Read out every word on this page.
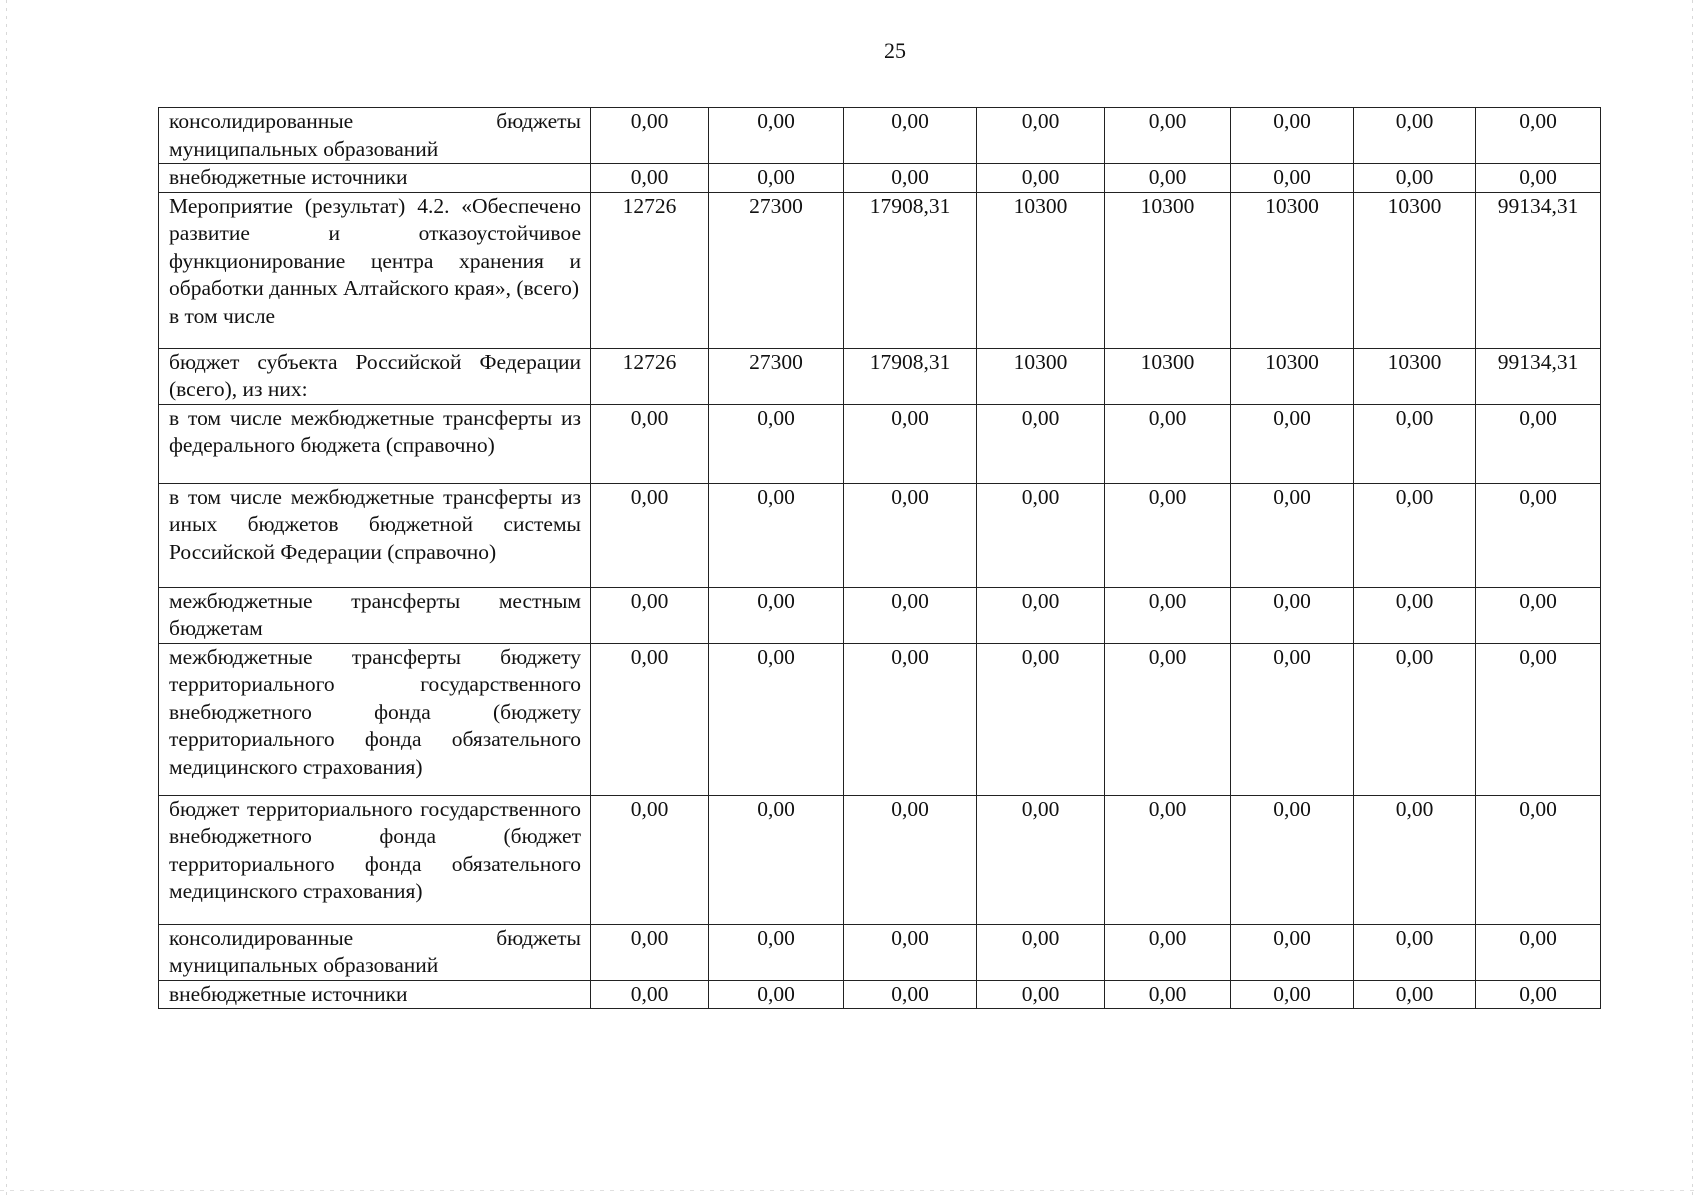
25
консолидированные бюджеты муниципальных образований	0,00	0,00	0,00	0,00	0,00	0,00	0,00	0,00
внебюджетные источники	0,00	0,00	0,00	0,00	0,00	0,00	0,00	0,00
Мероприятие (результат) 4.2. «Обеспечено развитие и отказоустойчивое функционирование центра хранения и обработки данных Алтайского края», (всего)
в том числе	12726	27300	17908,31	10300	10300	10300	10300	99134,31
бюджет субъекта Российской Федерации (всего), из них:	12726	27300	17908,31	10300	10300	10300	10300	99134,31
в том числе межбюджетные трансферты из федерального бюджета (справочно)	0,00	0,00	0,00	0,00	0,00	0,00	0,00	0,00
в том числе межбюджетные трансферты из иных бюджетов бюджетной системы Российской Федерации (справочно)	0,00	0,00	0,00	0,00	0,00	0,00	0,00	0,00
межбюджетные трансферты местным бюджетам	0,00	0,00	0,00	0,00	0,00	0,00	0,00	0,00
межбюджетные трансферты бюджету территориального государственного внебюджетного фонда (бюджету территориального фонда обязательного медицинского страхования)	0,00	0,00	0,00	0,00	0,00	0,00	0,00	0,00
бюджет территориального государственного внебюджетного фонда (бюджет территориального фонда обязательного медицинского страхования)	0,00	0,00	0,00	0,00	0,00	0,00	0,00	0,00
консолидированные бюджеты муниципальных образований	0,00	0,00	0,00	0,00	0,00	0,00	0,00	0,00
внебюджетные источники	0,00	0,00	0,00	0,00	0,00	0,00	0,00	0,00
